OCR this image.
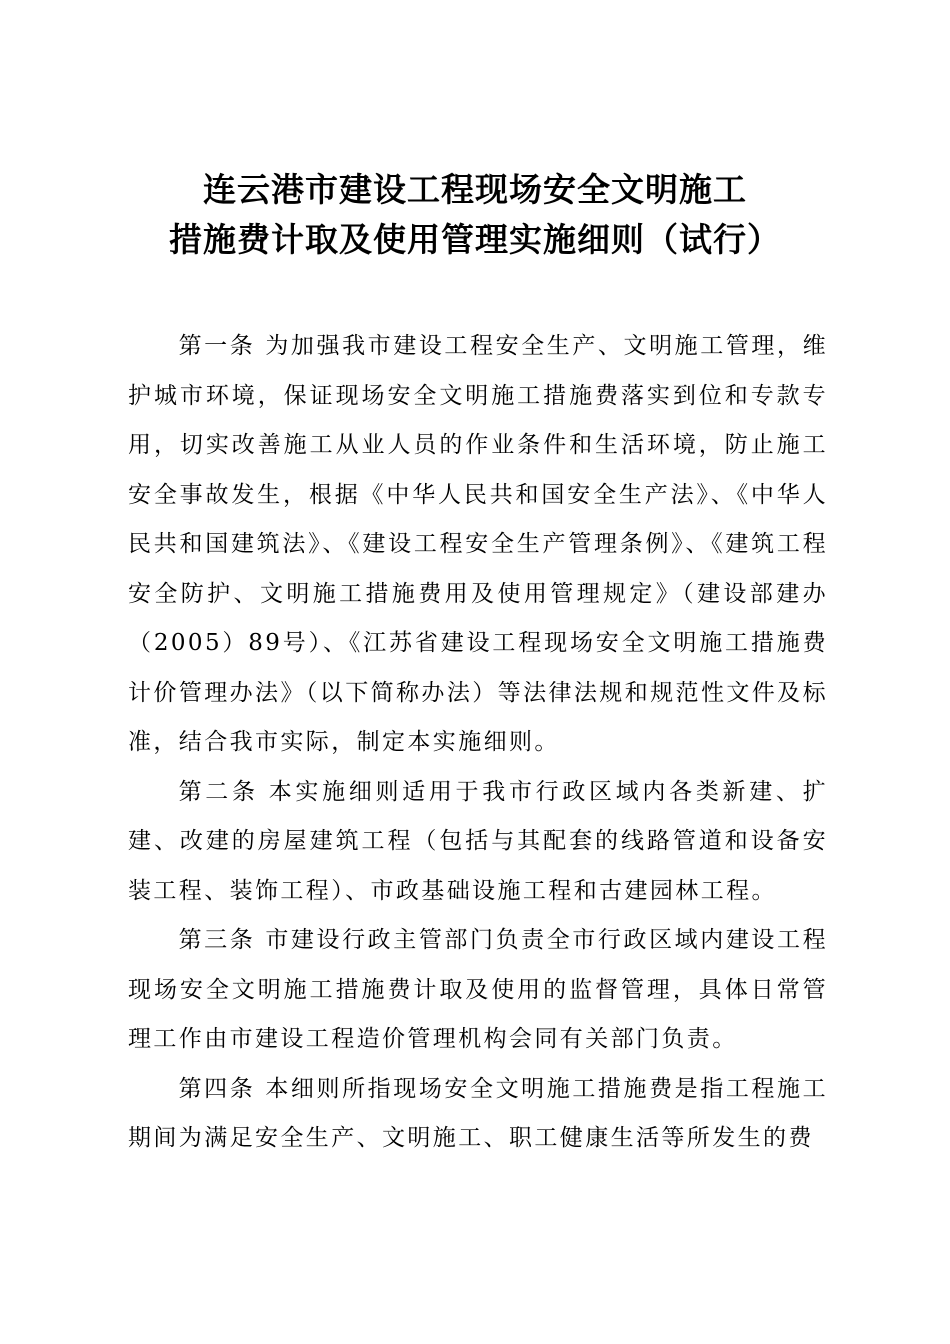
连云港市建设工程现场安全文明施工
措施费计取及使用管理实施细则（试行）

第一条 为加强我市建设工程安全生产、文明施工管理，维护城市环境，保证现场安全文明施工措施费落实到位和专款专用，切实改善施工从业人员的作业条件和生活环境，防止施工安全事故发生，根据《中华人民共和国安全生产法》、《中华人民共和国建筑法》、《建设工程安全生产管理条例》、《建筑工程安全防护、文明施工措施费用及使用管理规定》（建设部建办（2005）89号）、《江苏省建设工程现场安全文明施工措施费计价管理办法》（以下简称办法）等法律法规和规范性文件及标准，结合我市实际，制定本实施细则。

第二条 本实施细则适用于我市行政区域内各类新建、扩建、改建的房屋建筑工程（包括与其配套的线路管道和设备安装工程、装饰工程）、市政基础设施工程和古建园林工程。

第三条 市建设行政主管部门负责全市行政区域内建设工程现场安全文明施工措施费计取及使用的监督管理，具体日常管理工作由市建设工程造价管理机构会同有关部门负责。

第四条 本细则所指现场安全文明施工措施费是指工程施工期间为满足安全生产、文明施工、职工健康生活等所发生的费
